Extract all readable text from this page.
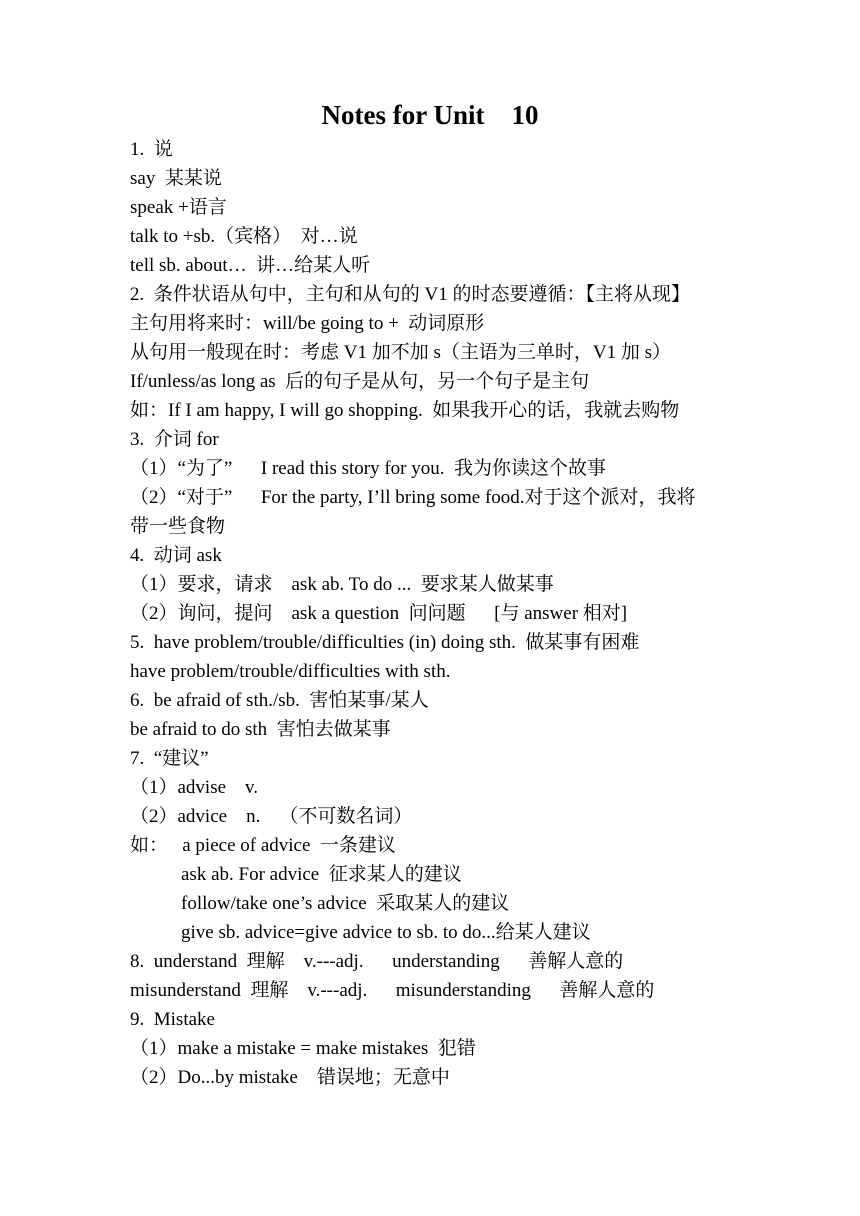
Notes for Unit    10
1.  说
say  某某说
speak +语言
talk to +sb.（宾格）  对…说
tell sb. about…  讲…给某人听
2.  条件状语从句中，主句和从句的 V1 的时态要遵循：【主将从现】
主句用将来时：will/be going to +  动词原形
从句用一般现在时：考虑 V1 加不加 s（主语为三单时，V1 加 s）
If/unless/as long as  后的句子是从句，另一个句子是主句
如：If I am happy, I will go shopping.  如果我开心的话，我就去购物
3.  介词 for
（1）“为了”      I read this story for you.  我为你读这个故事
（2）“对于”      For the party, I’ll bring some food.对于这个派对，我将
带一些食物
4.  动词 ask
（1）要求，请求    ask ab. To do ...  要求某人做某事
（2）询问，提问    ask a question  问问题      [与 answer 相对]
5.  have problem/trouble/difficulties (in) doing sth.  做某事有困难
have problem/trouble/difficulties with sth.
6.  be afraid of sth./sb.  害怕某事/某人
be afraid to do sth  害怕去做某事
7.  “建议”
（1）advise    v.
（2）advice    n.    （不可数名词）
如：   a piece of advice  一条建议
ask ab. For advice  征求某人的建议
follow/take one’s advice  采取某人的建议
give sb. advice=give advice to sb. to do...给某人建议
8.  understand  理解    v.---adj.      understanding      善解人意的
misunderstand  理解    v.---adj.      misunderstanding      善解人意的
9.  Mistake
（1）make a mistake = make mistakes  犯错
（2）Do...by mistake    错误地；无意中
